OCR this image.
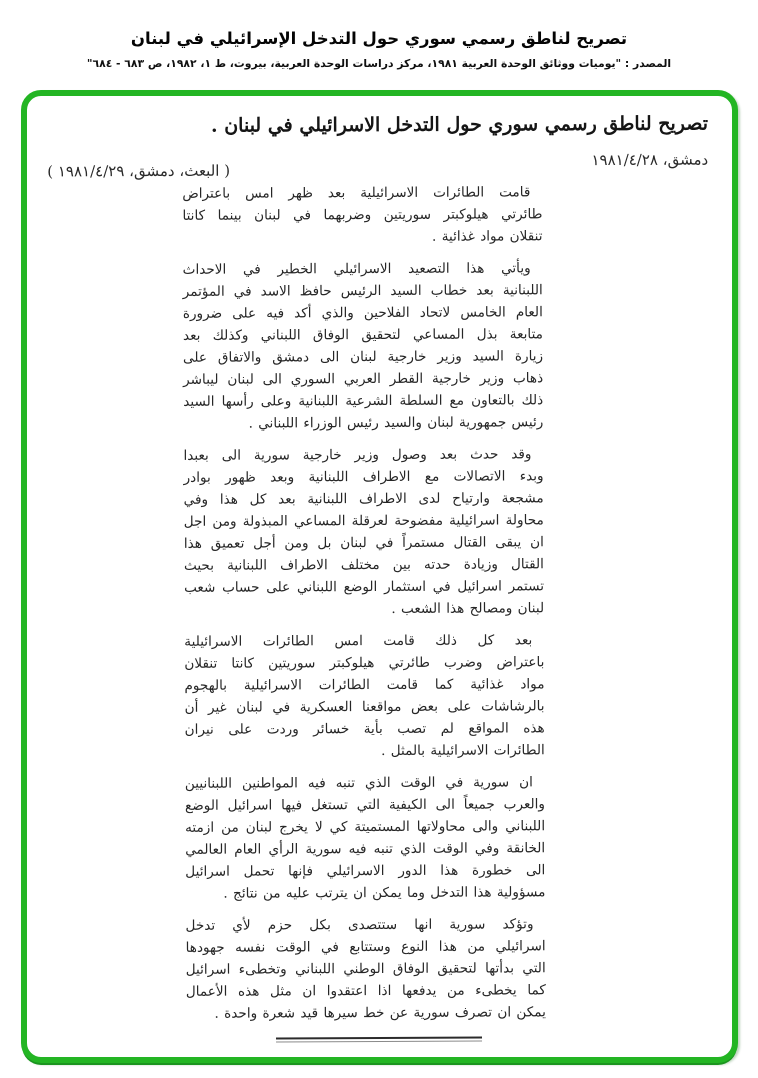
تصريح لناطق رسمي سوري حول التدخل الإسرائيلي في لبنان
المصدر : "يوميات ووثائق الوحدة العربية ١٩٨١، مركز دراسات الوحدة العربية، بيروت، ط ١، ١٩٨٢، ص ٦٨٣ - ٦٨٤"
تصريح لناطق رسمي سوري حول التدخل الاسرائيلي في لبنان .
دمشق، ١٩٨١/٤/٢٨
( البعث، دمشق، ١٩٨١/٤/٢٩ )
قامت الطائرات الاسرائيلية بعد ظهر امس باعتراض
طائرتي هيلوكبتر سوريتين وضربهما في لبنان بينما كانتا
تنقلان مواد غذائية .
ويأتي هذا التصعيد الاسرائيلي الخطير في الاحداث
اللبنانية بعد خطاب السيد الرئيس حافظ الاسد في المؤتمر
العام الخامس لاتحاد الفلاحين والذي أكد فيه على ضرورة
متابعة بذل المساعي لتحقيق الوفاق اللبناني وكذلك بعد
زيارة السيد وزير خارجية لبنان الى دمشق والاتفاق على
ذهاب وزير خارجية القطر العربي السوري الى لبنان ليباشر
ذلك بالتعاون مع السلطة الشرعية اللبنانية وعلى رأسها السيد
رئيس جمهورية لبنان والسيد رئيس الوزراء اللبناني .
وقد حدث بعد وصول وزير خارجية سورية الى بعبدا
وبدء الاتصالات مع الاطراف اللبنانية وبعد ظهور بوادر
مشجعة وارتياح لدى الاطراف اللبنانية بعد كل هذا وفي
محاولة اسرائيلية مفضوحة لعرقلة المساعي المبذولة ومن اجل
ان يبقى القتال مستمراً في لبنان بل ومن أجل تعميق هذا
القتال وزيادة حدته بين مختلف الاطراف اللبنانية بحيث
تستمر اسرائيل في استثمار الوضع اللبناني على حساب شعب
لبنان ومصالح هذا الشعب .
بعد كل ذلك قامت امس الطائرات الاسرائيلية
باعتراض وضرب طائرتي هيلوكبتر سوريتين كانتا تنقلان
مواد غذائية كما قامت الطائرات الاسرائيلية بالهجوم
بالرشاشات على بعض مواقعنا العسكرية في لبنان غير أن
هذه المواقع لم تصب بأية خسائر وردت على نيران
الطائرات الاسرائيلية بالمثل .
ان سورية في الوقت الذي تنبه فيه المواطنين اللبنانيين
والعرب جميعاً الى الكيفية التي تستغل فيها اسرائيل الوضع
اللبناني والى محاولاتها المستميتة كي لا يخرج لبنان من ازمته
الخانقة وفي الوقت الذي تنبه فيه سورية الرأي العام العالمي
الى خطورة هذا الدور الاسرائيلي فإنها تحمل اسرائيل
مسؤولية هذا التدخل وما يمكن ان يترتب عليه من نتائج .
وتؤكد سورية انها ستتصدى بكل حزم لأي تدخل
اسرائيلي من هذا النوع وستتابع في الوقت نفسه جهودها
التي بدأتها لتحقيق الوفاق الوطني اللبناني وتخطىء اسرائيل
كما يخطىء من يدفعها اذا اعتقدوا ان مثل هذه الأعمال
يمكن ان تصرف سورية عن خط سيرها قيد شعرة واحدة .
